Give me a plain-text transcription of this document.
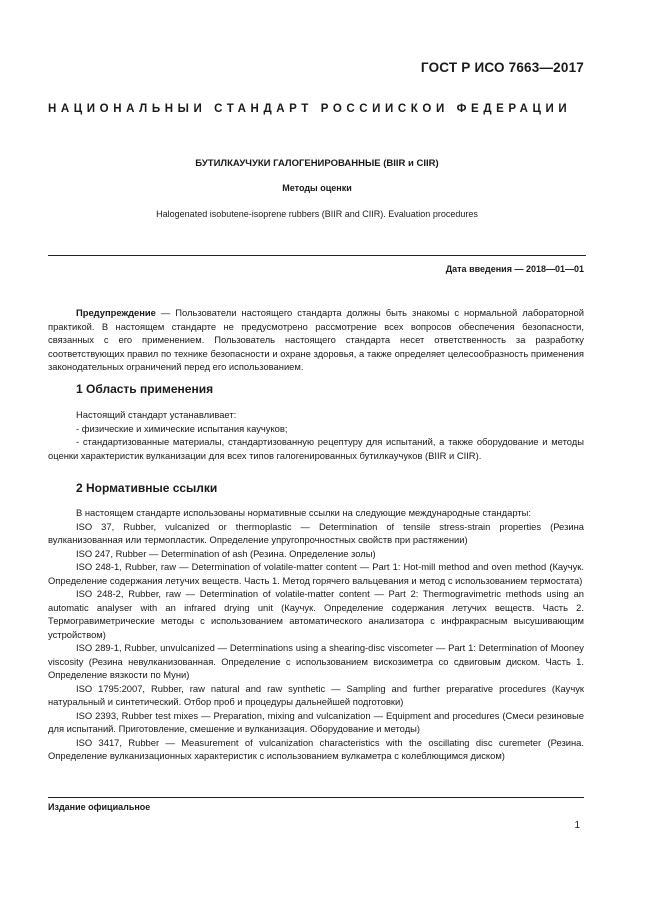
ГОСТ Р ИСО 7663—2017
НАЦИОНАЛЬНЫЙ СТАНДАРТ РОССИЙСКОЙ ФЕДЕРАЦИИ
БУТИЛКАУЧУКИ ГАЛОГЕНИРОВАННЫЕ (BIIR и CIIR)
Методы оценки
Halogenated isobutene-isoprene rubbers (BIIR and CIIR). Evaluation procedures
Дата введения — 2018—01—01
Предупреждение — Пользователи настоящего стандарта должны быть знакомы с нормальной лабораторной практикой. В настоящем стандарте не предусмотрено рассмотрение всех вопросов обеспечения безопасности, связанных с его применением. Пользователь настоящего стандарта несет ответственность за разработку соответствующих правил по технике безопасности и охране здоровья, а также определяет целесообразность применения законодательных ограничений перед его использованием.
1 Область применения

Настоящий стандарт устанавливает:

- физические и химические испытания каучуков;

- стандартизованные материалы, стандартизованную рецептуру для испытаний, а также оборудование и методы оценки характеристик вулканизации для всех типов галогенированных бутилкаучуков (BIIR и CIIR).

2 Нормативные ссылки

В настоящем стандарте использованы нормативные ссылки на следующие международные стандарты:

ISO 37, Rubber, vulcanized or thermoplastic — Determination of tensile stress-strain properties (Резина вулканизованная или термопластик. Определение упругопрочностных свойств при растяжении)

ISO 247, Rubber — Determination of ash (Резина. Определение золы)

ISO 248-1, Rubber, raw — Determination of volatile-matter content — Part 1: Hot-mill method and oven method (Каучук. Определение содержания летучих веществ. Часть 1. Метод горячего вальцевания и метод с использованием термостата)

ISO 248-2, Rubber, raw — Determination of volatile-matter content — Part 2: Thermogravimetric methods using an automatic analyser with an infrared drying unit (Каучук. Определение содержания летучих веществ. Часть 2. Термогравиметрические методы с использованием автоматического анализатора с инфракрасным высушивающим устройством)

ISO 289-1, Rubber, unvulcanized — Determinations using a shearing-disc viscometer — Part 1: Determination of Mooney viscosity (Резина невулканизованная. Определение с использованием вискозиметра со сдвиговым диском. Часть 1. Определение вязкости по Муни)

ISO 1795:2007, Rubber, raw natural and raw synthetic — Sampling and further preparative procedures (Каучук натуральный и синтетический. Отбор проб и процедуры дальнейшей подготовки)

ISO 2393, Rubber test mixes — Preparation, mixing and vulcanization — Equipment and procedures (Смеси резиновые для испытаний. Приготовление, смешение и вулканизация. Оборудование и методы)

ISO 3417, Rubber — Measurement of vulcanization characteristics with the oscillating disc curemeter (Резина. Определение вулканизационных характеристик с использованием вулкаметра с колеблющимся диском)

Издание официальное
1
